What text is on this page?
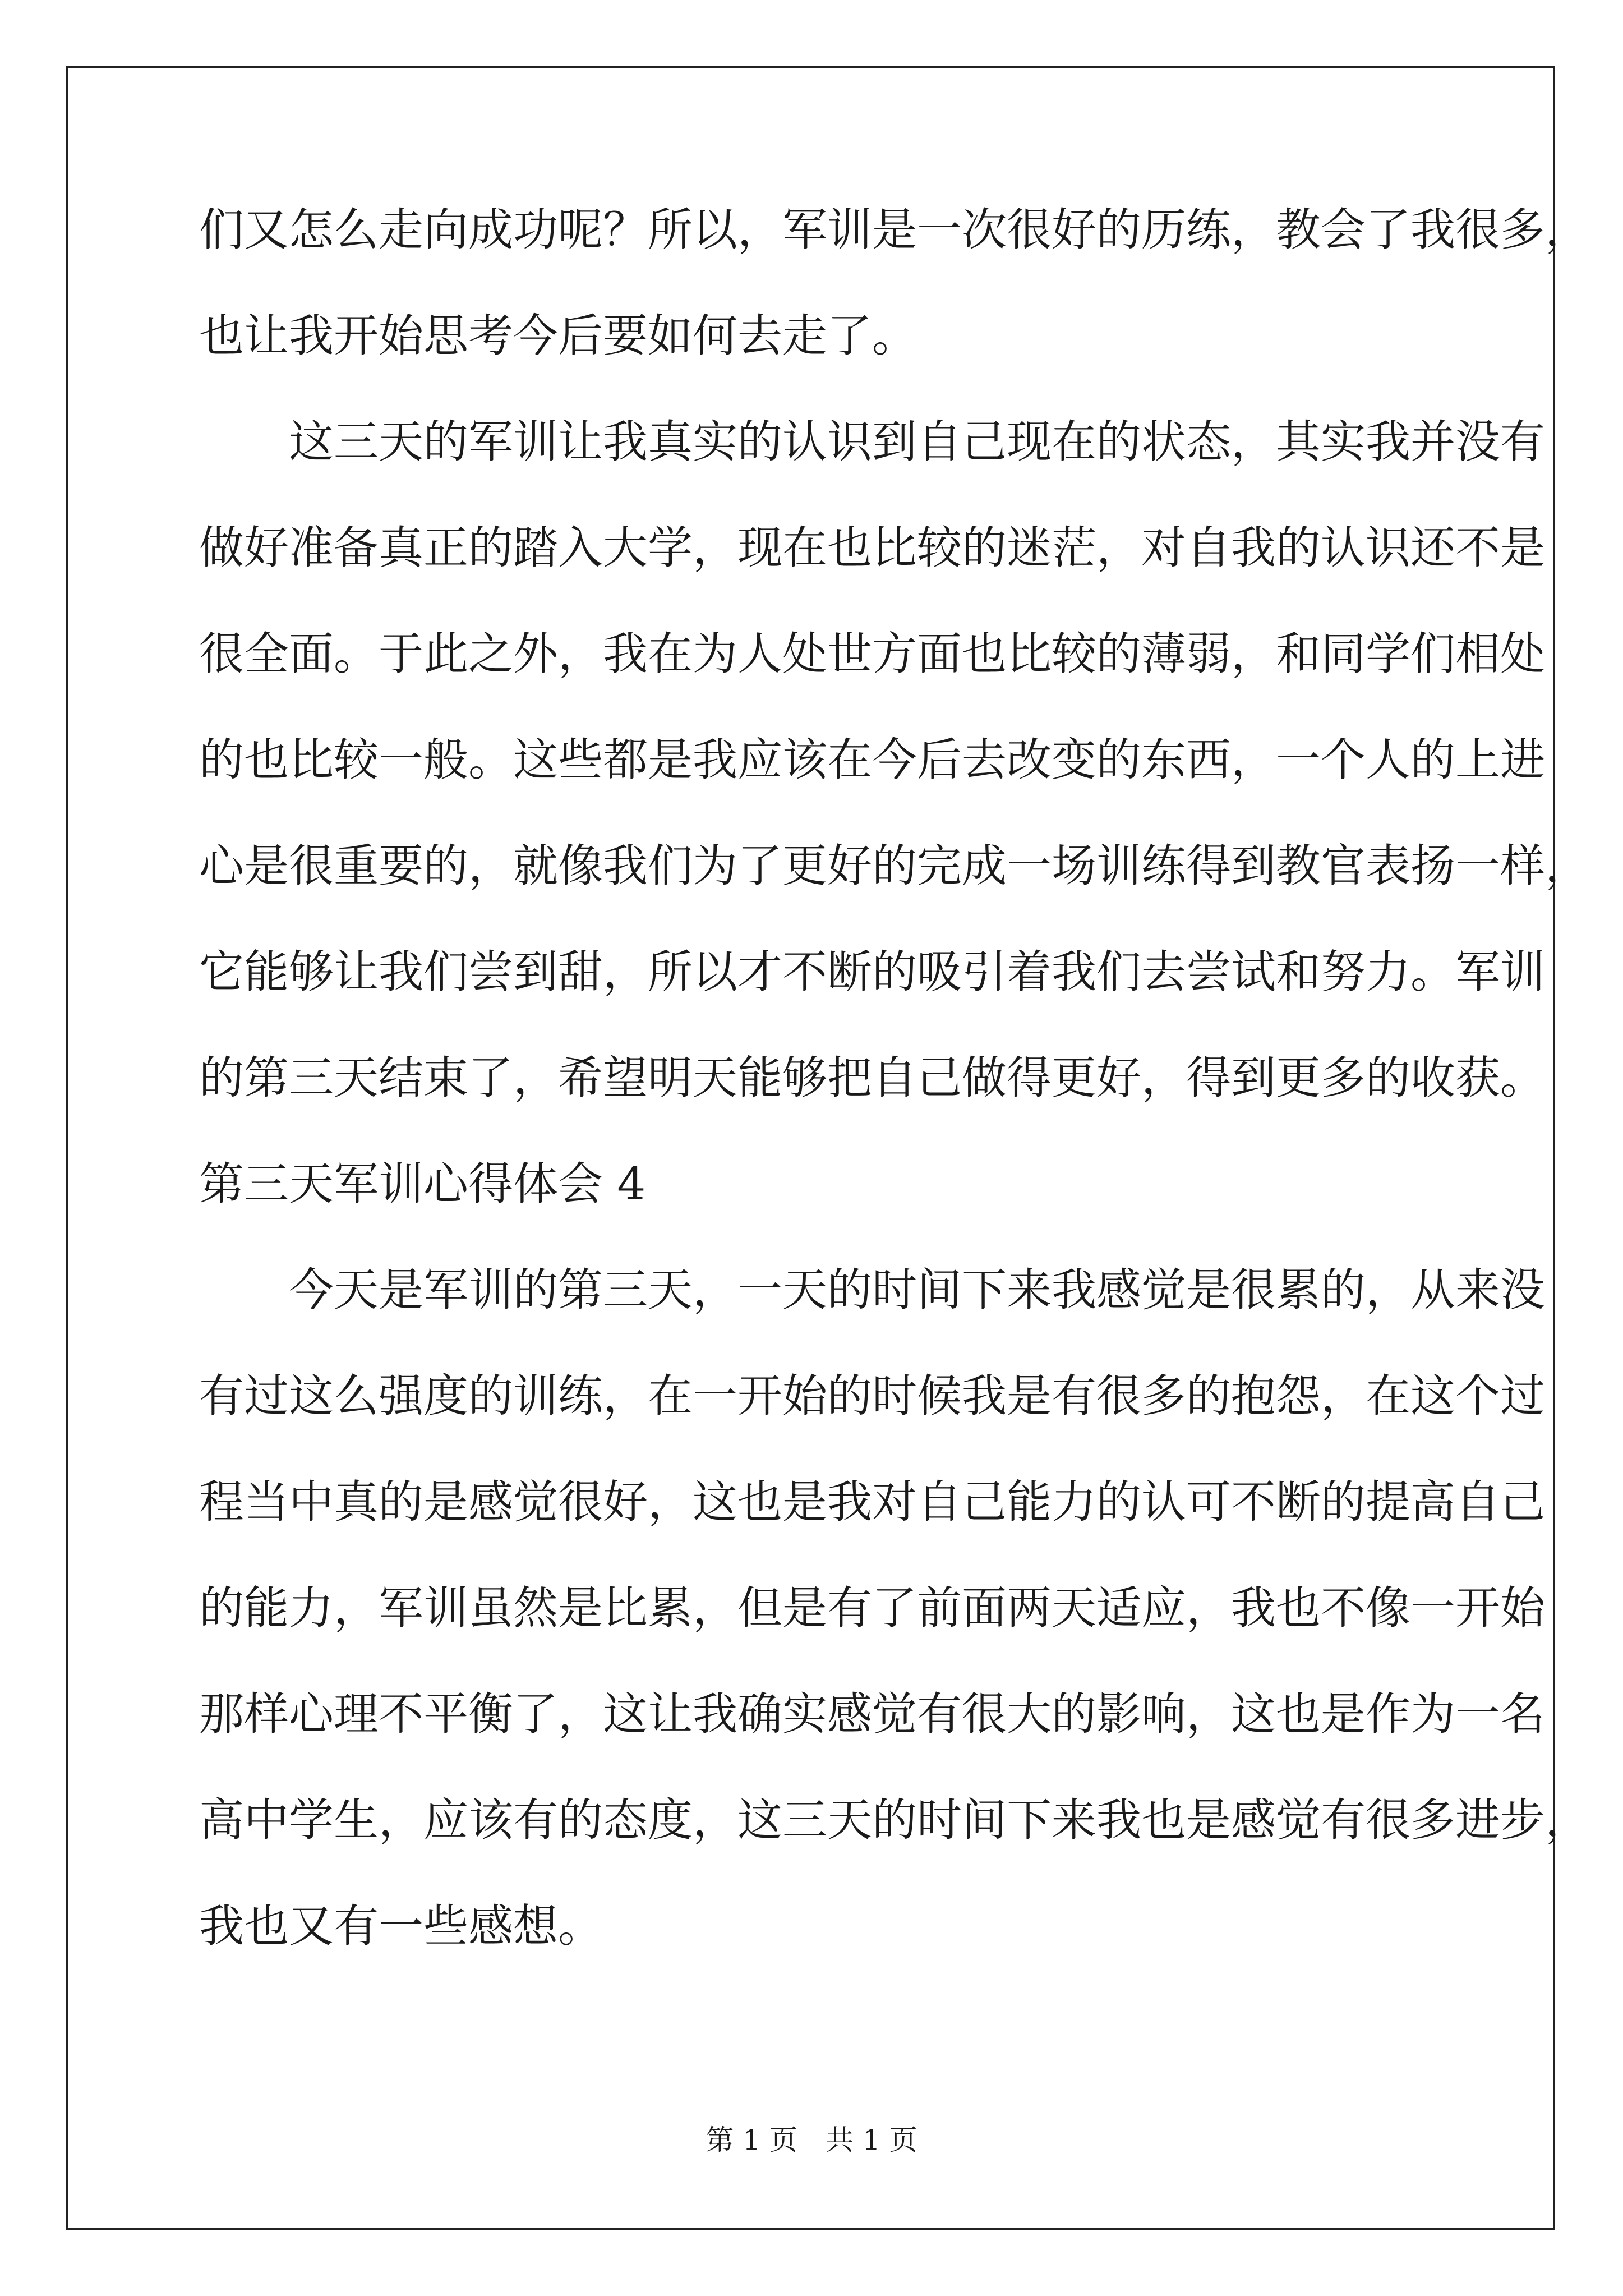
们又怎么走向成功呢？所以，军训是一次很好的历练，教会了我很多，
也让我开始思考今后要如何去走了。
这三天的军训让我真实的认识到自己现在的状态，其实我并没有
做好准备真正的踏入大学，现在也比较的迷茫，对自我的认识还不是
很全面。于此之外，我在为人处世方面也比较的薄弱，和同学们相处
的也比较一般。这些都是我应该在今后去改变的东西，一个人的上进
心是很重要的，就像我们为了更好的完成一场训练得到教官表扬一样，
它能够让我们尝到甜，所以才不断的吸引着我们去尝试和努力。军训
的第三天结束了，希望明天能够把自己做得更好，得到更多的收获。
第三天军训心得体会 4
今天是军训的第三天，一天的时间下来我感觉是很累的，从来没
有过这么强度的训练，在一开始的时候我是有很多的抱怨，在这个过
程当中真的是感觉很好，这也是我对自己能力的认可不断的提高自己
的能力，军训虽然是比累，但是有了前面两天适应，我也不像一开始
那样心理不平衡了，这让我确实感觉有很大的影响，这也是作为一名
高中学生，应该有的态度，这三天的时间下来我也是感觉有很多进步，
我也又有一些感想。
第 1 页 共 1 页
